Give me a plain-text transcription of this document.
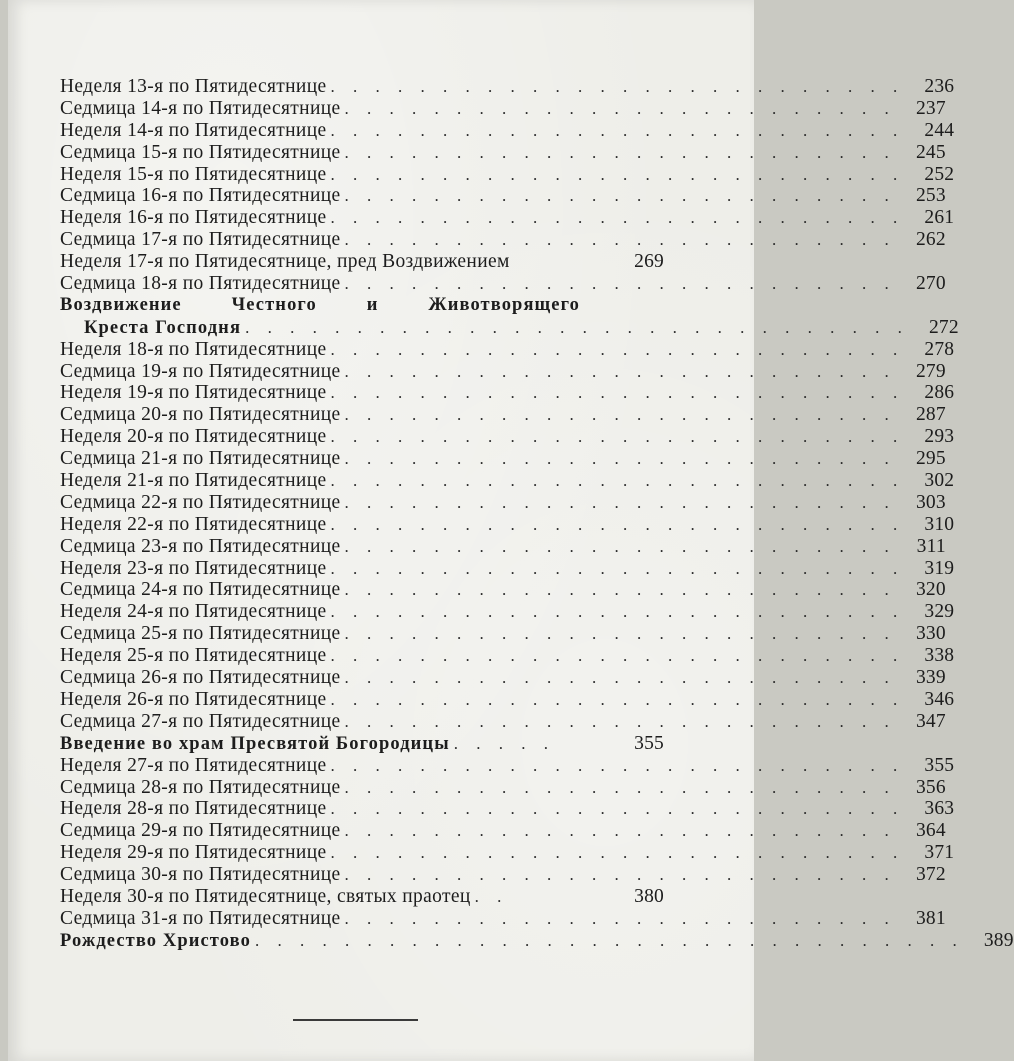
Неделя 13-я по Пятидесятнице . . . . . . . . . . . . . . . . . . . . . . . . . .	236
Седмица 14-я по Пятидесятнице . . . . . . . . . . . . . . . . . . . . . . . . .	237
Неделя 14-я по Пятидесятнице . . . . . . . . . . . . . . . . . . . . . . . . . .	244
Седмица 15-я по Пятидесятнице . . . . . . . . . . . . . . . . . . . . . . . . .	245
Неделя 15-я по Пятидесятнице . . . . . . . . . . . . . . . . . . . . . . . . . .	252
Седмица 16-я по Пятидесятнице . . . . . . . . . . . . . . . . . . . . . . . . .	253
Неделя 16-я по Пятидесятнице . . . . . . . . . . . . . . . . . . . . . . . . . .	261
Седмица 17-я по Пятидесятнице . . . . . . . . . . . . . . . . . . . . . . . . .	262
Неделя 17-я по Пятидесятнице, пред Воздвижением	269
Седмица 18-я по Пятидесятнице . . . . . . . . . . . . . . . . . . . . . . . . .	270
Воздвижение	Честного	и	Животворящего
Креста Господня . . . . . . . . . . . . . . . . . . . . . . . . . . . . . .	272
Неделя 18-я по Пятидесятнице . . . . . . . . . . . . . . . . . . . . . . . . . .	278
Седмица 19-я по Пятидесятнице . . . . . . . . . . . . . . . . . . . . . . . . .	279
Неделя 19-я по Пятидесятнице . . . . . . . . . . . . . . . . . . . . . . . . . .	286
Седмица 20-я по Пятидесятнице . . . . . . . . . . . . . . . . . . . . . . . . .	287
Неделя 20-я по Пятидесятнице . . . . . . . . . . . . . . . . . . . . . . . . . .	293
Седмица 21-я по Пятидесятнице . . . . . . . . . . . . . . . . . . . . . . . . .	295
Неделя 21-я по Пятидесятнице . . . . . . . . . . . . . . . . . . . . . . . . . .	302
Седмица 22-я по Пятидесятнице . . . . . . . . . . . . . . . . . . . . . . . . .	303
Неделя 22-я по Пятидесятнице . . . . . . . . . . . . . . . . . . . . . . . . . .	310
Седмица 23-я по Пятидесятнице . . . . . . . . . . . . . . . . . . . . . . . . .	311
Неделя 23-я по Пятидесятнице . . . . . . . . . . . . . . . . . . . . . . . . . .	319
Седмица 24-я по Пятидесятнице . . . . . . . . . . . . . . . . . . . . . . . . .	320
Неделя 24-я по Пятидесятнице . . . . . . . . . . . . . . . . . . . . . . . . . .	329
Седмица 25-я по Пятидесятнице . . . . . . . . . . . . . . . . . . . . . . . . .	330
Неделя 25-я по Пятидесятнице . . . . . . . . . . . . . . . . . . . . . . . . . .	338
Седмица 26-я по Пятидесятнице . . . . . . . . . . . . . . . . . . . . . . . . .	339
Неделя 26-я по Пятидесятнице . . . . . . . . . . . . . . . . . . . . . . . . . .	346
Седмица 27-я по Пятидесятнице . . . . . . . . . . . . . . . . . . . . . . . . .	347
Введение во храм Пресвятой Богородицы . . . . .	355
Неделя 27-я по Пятидесятнице . . . . . . . . . . . . . . . . . . . . . . . . . .	355
Седмица 28-я по Пятидесятнице . . . . . . . . . . . . . . . . . . . . . . . . .	356
Неделя 28-я по Пятидесятнице . . . . . . . . . . . . . . . . . . . . . . . . . .	363
Седмица 29-я по Пятидесятнице . . . . . . . . . . . . . . . . . . . . . . . . .	364
Неделя 29-я по Пятидесятнице . . . . . . . . . . . . . . . . . . . . . . . . . .	371
Седмица 30-я по Пятидесятнице . . . . . . . . . . . . . . . . . . . . . . . . .	372
Неделя 30-я по Пятидесятнице, святых праотец . .	380
Седмица 31-я по Пятидесятнице . . . . . . . . . . . . . . . . . . . . . . . . .	381
Рождество Христово . . . . . . . . . . . . . . . . . . . . . . . . . . . . . . . .	389
